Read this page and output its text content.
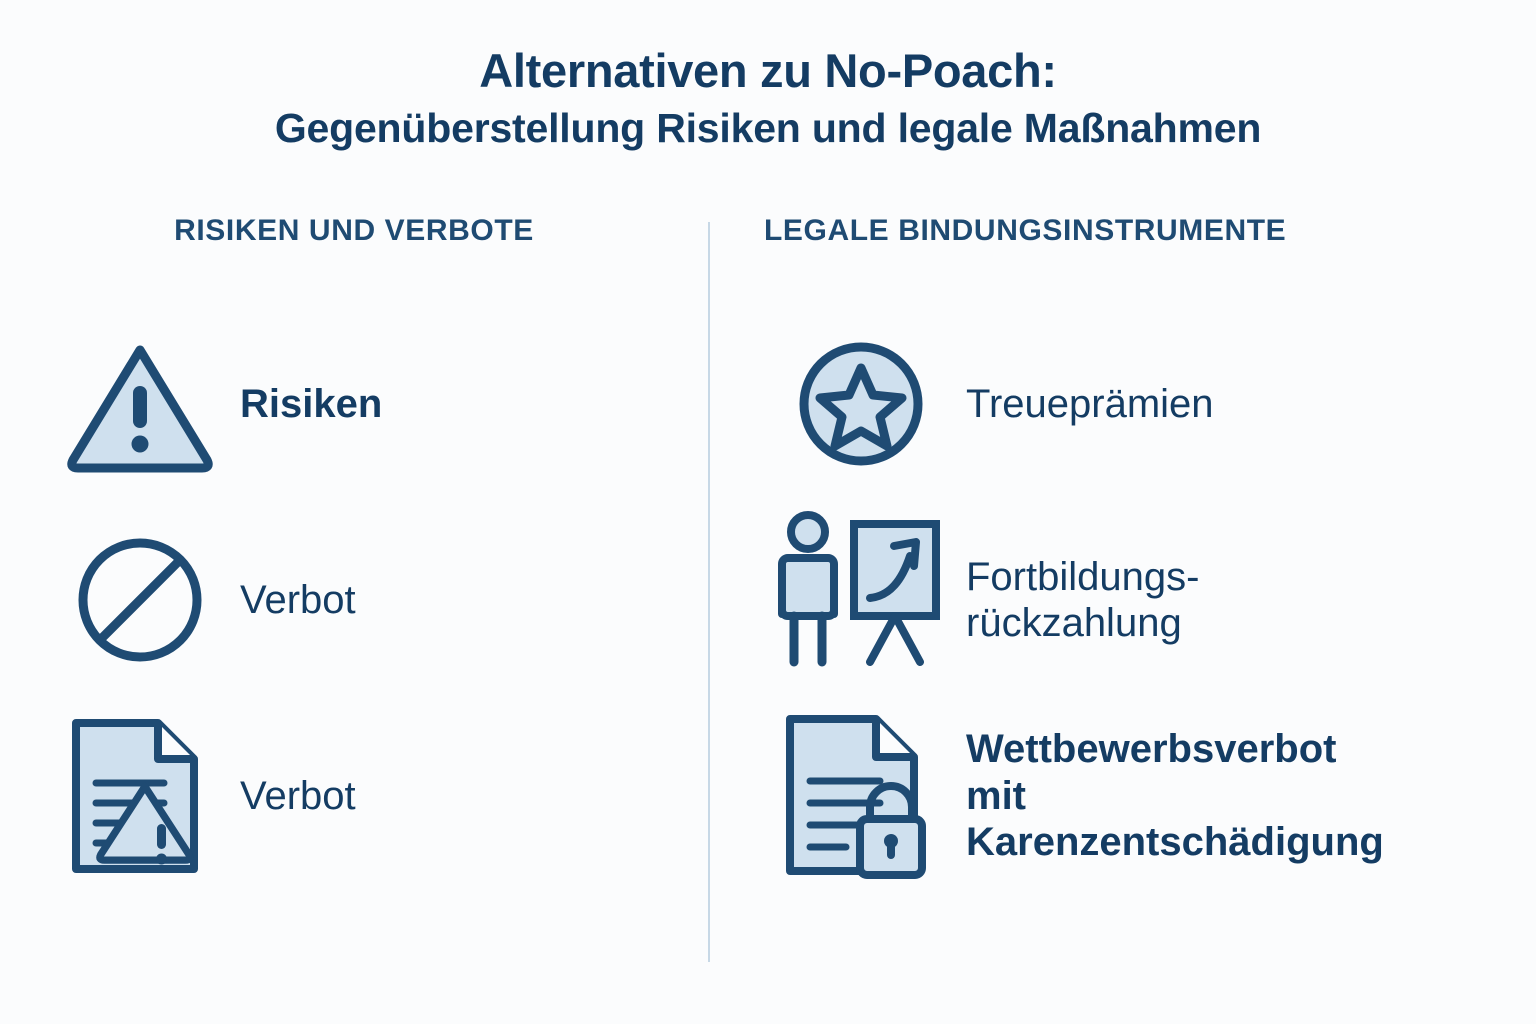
Alternativen zu No-Poach:
Gegenüberstellung Risiken und legale Maßnahmen
RISIKEN UND VERBOTE
Risiken
Verbot
Verbot
LEGALE BINDUNGSINSTRUMENTE
Treueprämien
Fortbildungs-
rückzahlung
Wettbewerbsverbot
mit
Karenzentschädigung
